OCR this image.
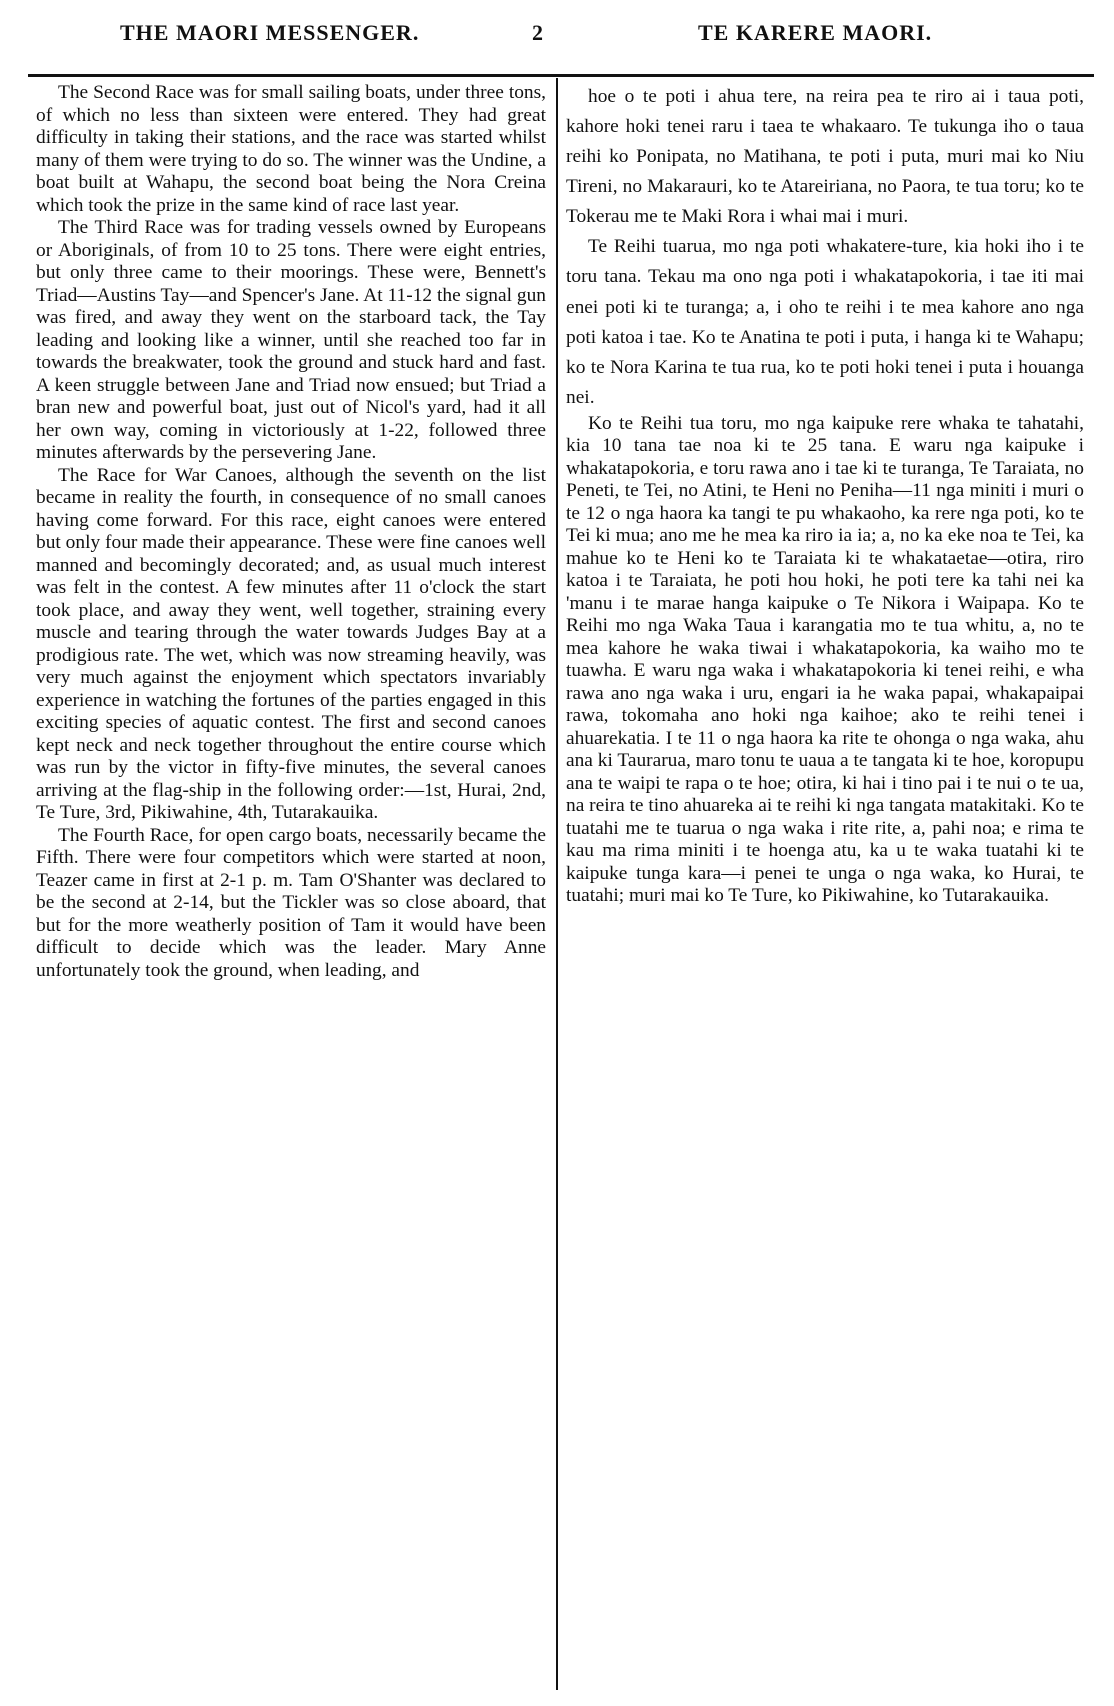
THE MAORI MESSENGER.	2	TE KARERE MAORI.

The Second Race was for small sailing boats, under three tons, of which no less than sixteen were entered. They had great difficulty in taking their stations, and the race was started whilst many of them were trying to do so. The winner was the Undine, a boat built at Wahapu, the second boat being the Nora Creina which took the prize in the same kind of race last year.

The Third Race was for trading vessels owned by Europeans or Aboriginals, of from 10 to 25 tons. There were eight entries, but only three came to their moorings. These were, Bennett's Triad—Austins Tay—and Spencer's Jane. At 11-12 the signal gun was fired, and away they went on the starboard tack, the Tay leading and looking like a winner, until she reached too far in towards the breakwater, took the ground and stuck hard and fast. A keen struggle between Jane and Triad now ensued; but Triad a bran new and powerful boat, just out of Nicol's yard, had it all her own way, coming in victoriously at 1-22, followed three minutes afterwards by the persevering Jane.

The Race for War Canoes, although the seventh on the list became in reality the fourth, in consequence of no small canoes having come forward. For this race, eight canoes were entered but only four made their appearance. These were fine canoes well manned and becomingly decorated; and, as usual much interest was felt in the contest. A few minutes after 11 o'clock the start took place, and away they went, well together, straining every muscle and tearing through the water towards Judges Bay at a prodigious rate. The wet, which was now streaming heavily, was very much against the enjoyment which spectators invariably experience in watching the fortunes of the parties engaged in this exciting species of aquatic contest. The first and second canoes kept neck and neck together throughout the entire course which was run by the victor in fifty-five minutes, the several canoes arriving at the flag-ship in the following order:—1st, Hurai, 2nd, Te Ture, 3rd, Pikiwahine, 4th, Tutarakauika.

The Fourth Race, for open cargo boats, necessarily became the Fifth. There were four competitors which were started at noon, Teazer came in first at 2-1 p. m. Tam O'Shanter was declared to be the second at 2-14, but the Tickler was so close aboard, that but for the more weatherly position of Tam it would have been difficult to decide which was the leader. Mary Anne unfortunately took the ground, when leading, and

hoe o te poti i ahua tere, na reira pea te riro ai i taua poti, kahore hoki tenei raru i taea te whakaaro. Te tukunga iho o taua reihi ko Ponipata, no Matihana, te poti i puta, muri mai ko Niu Tireni, no Makarauri, ko te Atareiriana, no Paora, te tua toru; ko te Tokerau me te Maki Rora i whai mai i muri.

Te Reihi tuarua, mo nga poti whakatere-ture, kia hoki iho i te toru tana. Tekau ma ono nga poti i whakatapokoria, i tae iti mai enei poti ki te turanga; a, i oho te reihi i te mea kahore ano nga poti katoa i tae. Ko te Anatina te poti i puta, i hanga ki te Wahapu; ko te Nora Karina te tua rua, ko te poti hoki tenei i puta i houanga nei.

Ko te Reihi tua toru, mo nga kaipuke rere whaka te tahatahi, kia 10 tana tae noa ki te 25 tana. E waru nga kaipuke i whakatapokoria, e toru rawa ano i tae ki te turanga, Te Taraiata, no Peneti, te Tei, no Atini, te Heni no Peniha—11 nga miniti i muri o te 12 o nga haora ka tangi te pu whakaoho, ka rere nga poti, ko te Tei ki mua; ano me he mea ka riro ia ia; a, no ka eke noa te Tei, ka mahue ko te Heni ko te Taraiata ki te whakataetae—otira, riro katoa i te Taraiata, he poti hou hoki, he poti tere ka tahi nei ka 'manu i te marae hanga kaipuke o Te Nikora i Waipapa. Ko te Reihi mo nga Waka Taua i karangatia mo te tua whitu, a, no te mea kahore he waka tiwai i whakatapokoria, ka waiho mo te tuawha. E waru nga waka i whakatapokoria ki tenei reihi, e wha rawa ano nga waka i uru, engari ia he waka papai, whakapaipai rawa, tokomaha ano hoki nga kaihoe; ako te reihi tenei i ahuarekatia. I te 11 o nga haora ka rite te ohonga o nga waka, ahu ana ki Taurarua, maro tonu te uaua a te tangata ki te hoe, koropupu ana te waipi te rapa o te hoe; otira, ki hai i tino pai i te nui o te ua, na reira te tino ahuareka ai te reihi ki nga tangata matakitaki. Ko te tuatahi me te tuarua o nga waka i rite rite, a, pahi noa; e rima te kau ma rima miniti i te hoenga atu, ka u te waka tuatahi ki te kaipuke tunga kara—i penei te unga o nga waka, ko Hurai, te tuatahi; muri mai ko Te Ture, ko Pikiwahine, ko Tutarakauika.
